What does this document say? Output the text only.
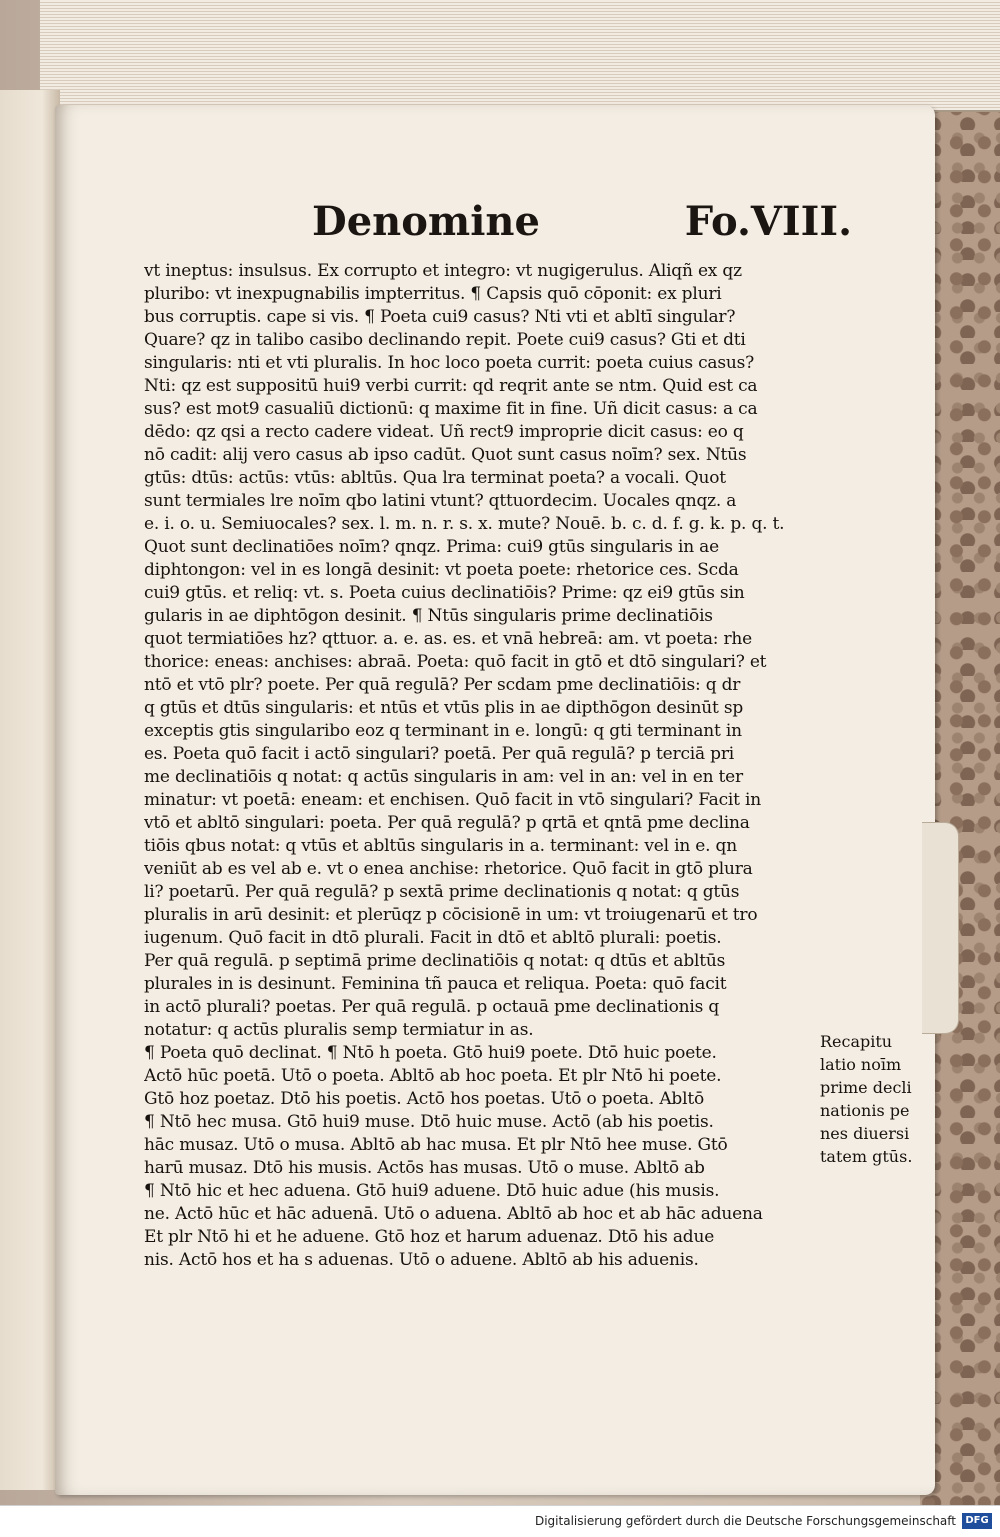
Denomine	Fo.VIII.
vt ineptus: insulsus. Ex corrupto et integro: vt nugigerulus. Aliqñ ex qz
pluribo: vt inexpugnabilis impterritus. ¶ Capsis quō cōponit: ex pluri
bus corruptis. cape si vis. ¶ Poeta cui9 casus? Nti vti et abltī singular?
Quare? qz in talibo casibo declinando repit. Poete cui9 casus? Gti et dti
singularis: nti et vti pluralis. In hoc loco poeta currit: poeta cuius casus?
Nti: qz est suppositū hui9 verbi currit: qd reqrit ante se ntm. Quid est ca
sus? est mot9 casualiū dictionū: q maxime fit in fine. Uñ dicit casus: a ca
dēdo: qz qsi a recto cadere videat. Uñ rect9 improprie dicit casus: eo q
nō cadit: alij vero casus ab ipso cadūt. Quot sunt casus noīm? sex. Ntūs
gtūs: dtūs: actūs: vtūs: abltūs. Qua lra terminat poeta? a vocali. Quot
sunt termiales lre noīm qbo latini vtunt? qttuordecim. Uocales qnqz. a
e. i. o. u. Semiuocales? sex. l. m. n. r. s. x. mute? Nouē. b. c. d. f. g. k. p. q. t.
Quot sunt declinatiōes noīm? qnqz. Prima: cui9 gtūs singularis in ae
diphtongon: vel in es longā desinit: vt poeta poete: rhetorice ces. Scda
cui9 gtūs. et reliq: vt. s. Poeta cuius declinatiōis? Prime: qz ei9 gtūs sin
gularis in ae diphtōgon desinit. ¶ Ntūs singularis prime declinatiōis
quot termiatiōes hz? qttuor. a. e. as. es. et vnā hebreā: am. vt poeta: rhe
thorice: eneas: anchises: abraā. Poeta: quō facit in gtō et dtō singulari? et
ntō et vtō plr? poete. Per quā regulā? Per scdam pme declinatiōis: q dr
q gtūs et dtūs singularis: et ntūs et vtūs plis in ae dipthōgon desinūt sp
exceptis gtis singularibo eoz q terminant in e. longū: q gti terminant in
es. Poeta quō facit i actō singulari? poetā. Per quā regulā? p terciā pri
me declinatiōis q notat: q actūs singularis in am: vel in an: vel in en ter
minatur: vt poetā: eneam: et enchisen. Quō facit in vtō singulari? Facit in
vtō et abltō singulari: poeta. Per quā regulā? p qrtā et qntā pme declina
tiōis qbus notat: q vtūs et abltūs singularis in a. terminant: vel in e. qn
veniūt ab es vel ab e. vt o enea anchise: rhetorice. Quō facit in gtō plura
li? poetarū. Per quā regulā? p sextā prime declinationis q notat: q gtūs
pluralis in arū desinit: et plerūqz p cōcisionē in um: vt troiugenarū et tro
iugenum. Quō facit in dtō plurali. Facit in dtō et abltō plurali: poetis.
Per quā regulā. p septimā prime declinatiōis q notat: q dtūs et abltūs
plurales in is desinunt. Feminina tñ pauca et reliqua. Poeta: quō facit
in actō plurali? poetas. Per quā regulā. p octauā pme declinationis q
notatur: q actūs pluralis semp termiatur in as.
¶ Poeta quō declinat. ¶ Ntō h poeta. Gtō hui9 poete. Dtō huic poete.
Actō hūc poetā. Utō o poeta. Abltō ab hoc poeta. Et plr Ntō hi poete.
Gtō hoz poetaz. Dtō his poetis. Actō hos poetas. Utō o poeta. Abltō
¶ Ntō hec musa. Gtō hui9 muse. Dtō huic muse. Actō (ab his poetis.
hāc musaz. Utō o musa. Abltō ab hac musa. Et plr Ntō hee muse. Gtō
harū musaz. Dtō his musis. Actōs has musas. Utō o muse. Abltō ab
¶ Ntō hic et hec aduena. Gtō hui9 aduene. Dtō huic adue (his musis.
ne. Actō hūc et hāc aduenā. Utō o aduena. Abltō ab hoc et ab hāc aduena
Et plr Ntō hi et he aduene. Gtō hoz et harum aduenaz. Dtō his adue
nis. Actō hos et ha s aduenas. Utō o aduene. Abltō ab his aduenis.
Recapitu
latio noīm
prime decli
nationis pe
nes diuersi
tatem gtūs.
Digitalisierung gefördert durch die Deutsche Forschungsgemeinschaft DFG
